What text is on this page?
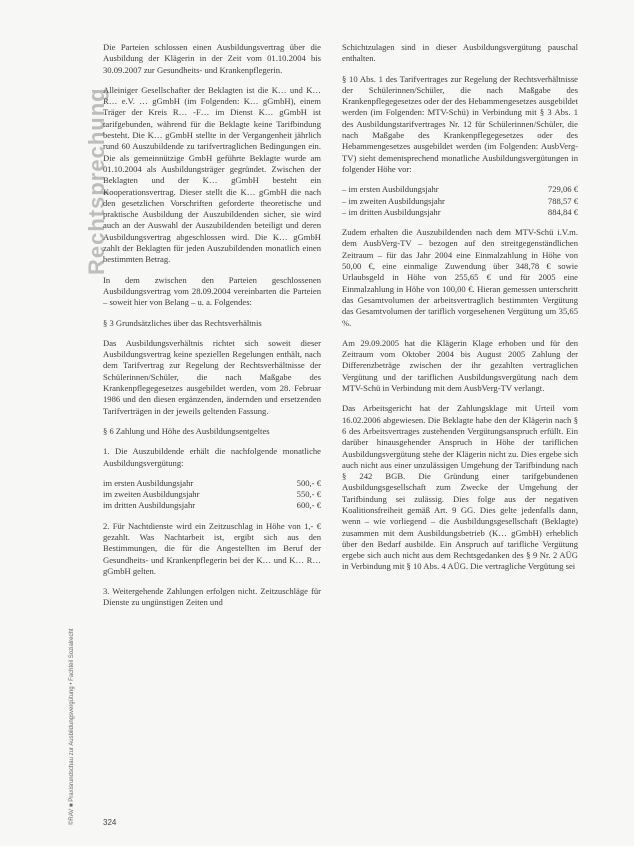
Rechtsprechung
©RAV ■ Praxisrundschau zur Ausbildungsvergütung • Fachteil Sozialrecht

Die Parteien schlossen einen Ausbildungsvertrag über die Ausbildung der Klägerin in der Zeit vom 01.10.2004 bis 30.09.2007 zur Gesundheits- und Krankenpflegerin.

Alleiniger Gesellschafter der Beklagten ist die K… und K… R… e.V. … gGmbH (im Folgenden: K… gGmbH), einem Träger der Kreis R… -F… im Dienst K… gGmbH ist tarifgebunden, während für die Beklagte keine Tarifbindung besteht. Die K… gGmbH stellte in der Vergangenheit jährlich rund 60 Auszubildende zu tarifvertraglichen Bedingungen ein. Die als gemeinnützige GmbH geführte Beklagte wurde am 01.10.2004 als Ausbildungsträger gegründet. Zwischen der Beklagten und der K… gGmbH besteht ein Kooperationsvertrag. Dieser stellt die K… gGmbH die nach den gesetzlichen Vorschriften geforderte theoretische und praktische Ausbildung der Auszubildenden sicher, sie wird auch an der Auswahl der Auszubildenden beteiligt und deren Ausbildungsvertrag abgeschlossen wird. Die K… gGmbH zahlt der Beklagten für jeden Auszubildenden monatlich einen bestimmten Betrag.

In dem zwischen den Parteien geschlossenen Ausbildungsvertrag vom 28.09.2004 vereinbarten die Parteien – soweit hier von Belang – u. a. Folgendes:

§ 3 Grundsätzliches über das Rechtsverhältnis

Das Ausbildungsverhältnis richtet sich soweit dieser Ausbildungsvertrag keine speziellen Regelungen enthält, nach dem Tarifvertrag zur Regelung der Rechtsverhältnisse der Schülerinnen/Schüler, die nach Maßgabe des Krankenpflegegesetzes ausgebildet werden, vom 28. Februar 1986 und den diesen ergänzenden, ändernden und ersetzenden Tarifverträgen in der jeweils geltenden Fassung.

§ 6 Zahlung und Höhe des Ausbildungsentgeltes

1. Die Auszubildende erhält die nachfolgende monatliche Ausbildungsvergütung:

im ersten Ausbildungsjahr	500,- €
im zweiten Ausbildungsjahr	550,- €
im dritten Ausbildungsjahr	600,- €

2. Für Nachtdienste wird ein Zeitzuschlag in Höhe von 1,- € gezahlt. Was Nachtarbeit ist, ergibt sich aus den Bestimmungen, die für die Angestellten im Beruf der Gesundheits- und Krankenpflegerin bei der K… und K… R… gGmbH gelten.

3. Weitergehende Zahlungen erfolgen nicht. Zeitzuschläge für Dienste zu ungünstigen Zeiten und

Schichtzulagen sind in dieser Ausbildungsvergütung pauschal enthalten.

§ 10 Abs. 1 des Tarifvertrages zur Regelung der Rechtsverhältnisse der Schülerinnen/Schüler, die nach Maßgabe des Krankenpflegegesetzes oder der des Hebammengesetzes ausgebildet werden (im Folgenden: MTV-Schü) in Verbindung mit § 3 Abs. 1 des Ausbildungstarifvertrages Nr. 12 für Schülerinnen/Schüler, die nach Maßgabe des Krankenpflegegesetzes oder des Hebammengesetzes ausgebildet werden (im Folgenden: AusbVerg-TV) sieht dementsprechend monatliche Ausbildungsvergütungen in folgender Höhe vor:

– im ersten Ausbildungsjahr	729,06 €
– im zweiten Ausbildungsjahr	788,57 €
– im dritten Ausbildungsjahr	884,84 €

Zudem erhalten die Auszubildenden nach dem MTV-Schü i.V.m. dem AusbVerg-TV – bezogen auf den streitgegenständlichen Zeitraum – für das Jahr 2004 eine Einmalzahlung in Höhe von 50,00 €, eine einmalige Zuwendung über 348,78 € sowie Urlaubsgeld in Höhe von 255,65 € und für 2005 eine Einmalzahlung in Höhe von 100,00 €. Hieran gemessen unterschritt das Gesamtvolumen der arbeitsvertraglich bestimmten Vergütung das Gesamtvolumen der tariflich vorgesehenen Vergütung um 35,65 %.

Am 29.09.2005 hat die Klägerin Klage erhoben und für den Zeitraum vom Oktober 2004 bis August 2005 Zahlung der Differenzbeträge zwischen der ihr gezahlten vertraglichen Vergütung und der tariflichen Ausbildungsvergütung nach dem MTV-Schü in Verbindung mit dem AusbVerg-TV verlangt.

Das Arbeitsgericht hat der Zahlungsklage mit Urteil vom 16.02.2006 abgewiesen. Die Beklagte habe den der Klägerin nach § 6 des Arbeitsvertrages zustehenden Vergütungsanspruch erfüllt. Ein darüber hinausgehender Anspruch in Höhe der tariflichen Ausbildungsvergütung stehe der Klägerin nicht zu. Dies ergebe sich auch nicht aus einer unzulässigen Umgehung der Tarifbindung nach § 242 BGB. Die Gründung einer tarifgebundenen Ausbildungsgesellschaft zum Zwecke der Umgehung der Tarifbindung sei zulässig. Dies folge aus der negativen Koalitionsfreiheit gemäß Art. 9 GG. Dies gelte jedenfalls dann, wenn – wie vorliegend – die Ausbildungsgesellschaft (Beklagte) zusammen mit dem Ausbildungsbetrieb (K… gGmbH) erheblich über den Bedarf ausbilde. Ein Anspruch auf tarifliche Vergütung ergebe sich auch nicht aus dem Rechtsgedanken des § 9 Nr. 2 AÜG in Verbindung mit § 10 Abs. 4 AÜG. Die vertragliche Vergütung sei

324
